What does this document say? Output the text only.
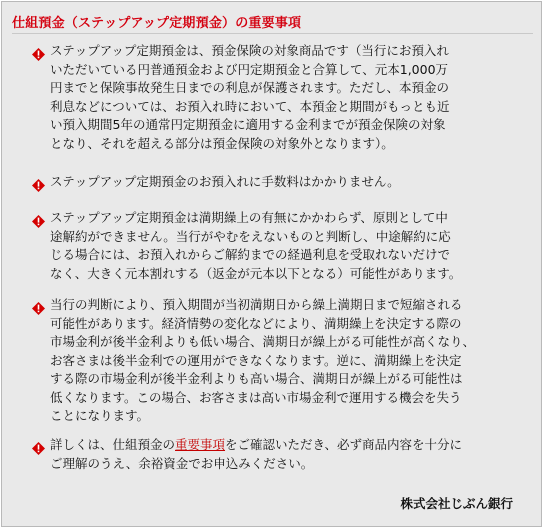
仕組預金（ステップアップ定期預金）の重要事項
ステップアップ定期預金は、預金保険の対象商品です（当行にお預入れ
いただいている円普通預金および円定期預金と合算して、元本1,000万
円までと保険事故発生日までの利息が保護されます。ただし、本預金の
利息などについては、お預入れ時において、本預金と期間がもっとも近
い預入期間5年の通常円定期預金に適用する金利までが預金保険の対象
となり、それを超える部分は預金保険の対象外となります）。
ステップアップ定期預金のお預入れに手数料はかかりません。
ステップアップ定期預金は満期繰上の有無にかかわらず、原則として中
途解約ができません。当行がやむをえないものと判断し、中途解約に応
じる場合には、お預入れからご解約までの経過利息を受取れないだけで
なく、大きく元本割れする（返金が元本以下となる）可能性があります。
当行の判断により、預入期間が当初満期日から繰上満期日まで短縮される
可能性があります。経済情勢の変化などにより、満期繰上を決定する際の
市場金利が後半金利よりも低い場合、満期日が繰上がる可能性が高くなり、
お客さまは後半金利での運用ができなくなります。逆に、満期繰上を決定
する際の市場金利が後半金利よりも高い場合、満期日が繰上がる可能性は
低くなります。この場合、お客さまは高い市場金利で運用する機会を失う
ことになります。
詳しくは、仕組預金の重要事項をご確認いただき、必ず商品内容を十分に
ご理解のうえ、余裕資金でお申込みください。
株式会社じぶん銀行
